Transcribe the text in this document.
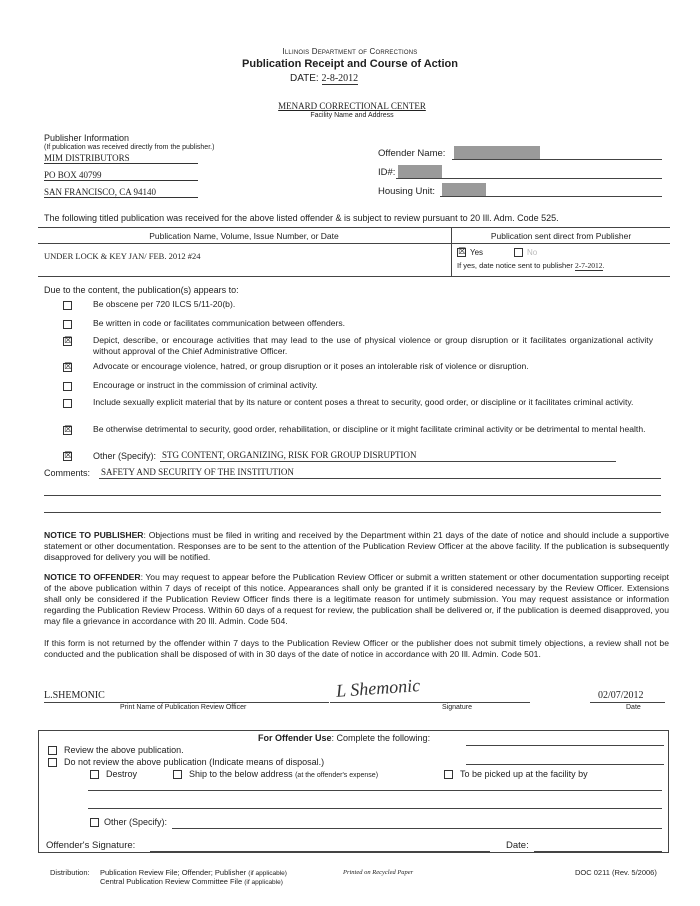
Illinois Department of Corrections
Publication Receipt and Course of Action
DATE: 2-8-2012
MENARD CORRECTIONAL CENTER
Facility Name and Address
Publisher Information
(If publication was received directly from the publisher.)
MIM DISTRIBUTORS
PO BOX 40799
SAN FRANCISCO, CA 94140
Offender Name:
ID#:
Housing Unit:
The following titled publication was received for the above listed offender & is subject to review pursuant to 20 Ill. Adm. Code 525.
Publication Name, Volume, Issue Number, or Date	Publication sent direct from Publisher
UNDER LOCK & KEY JAN/ FEB. 2012 #24	☒ Yes	No
If yes, date notice sent to publisher 2-7-2012.
Due to the content, the publication(s) appears to:
Be obscene per 720 ILCS 5/11-20(b).
Be written in code or facilitates communication between offenders.
☒ Depict, describe, or encourage activities that may lead to the use of physical violence or group disruption or it facilitates organizational activity without approval of the Chief Administrative Officer.
☒ Advocate or encourage violence, hatred, or group disruption or it poses an intolerable risk of violence or disruption.
Encourage or instruct in the commission of criminal activity.
Include sexually explicit material that by its nature or content poses a threat to security, good order, or discipline or it facilitates criminal activity.
☒ Be otherwise detrimental to security, good order, rehabilitation, or discipline or it might facilitate criminal activity or be detrimental to mental health.
☒ Other (Specify): STG CONTENT, ORGANIZING, RISK FOR GROUP DISRUPTION
Comments: SAFETY AND SECURITY OF THE INSTITUTION
NOTICE TO PUBLISHER: Objections must be filed in writing and received by the Department within 21 days of the date of notice and should include a supportive statement or other documentation. Responses are to be sent to the attention of the Publication Review Officer at the above facility. If the publication is subsequently disapproved for delivery you will be notified.
NOTICE TO OFFENDER: You may request to appear before the Publication Review Officer or submit a written statement or other documentation supporting receipt of the above publication within 7 days of receipt of this notice. Appearances shall only be granted if it is considered necessary by the Review Officer. Extensions shall only be considered if the Publication Review Officer finds there is a legitimate reason for untimely submission. You may request assistance or information regarding the Publication Review Process. Within 60 days of a request for review, the publication shall be delivered or, if the publication is deemed disapproved, you may file a grievance in accordance with 20 Ill. Admin. Code 504.
If this form is not returned by the offender within 7 days to the Publication Review Officer or the publisher does not submit timely objections, a review shall not be conducted and the publication shall be disposed of with in 30 days of the date of notice in accordance with 20 Ill. Admin. Code 501.
L.SHEMONIC
Print Name of Publication Review Officer
L Shemonic
Signature
02/07/2012
Date
For Offender Use: Complete the following:
Review the above publication.
Do not review the above publication (Indicate means of disposal.)
Destroy	Ship to the below address (at the offender's expense)	To be picked up at the facility by
Other (Specify):
Offender's Signature:	Date:
Distribution: Publication Review File; Offender; Publisher (if applicable)
Central Publication Review Committee File (if applicable)
Printed on Recycled Paper	DOC 0211 (Rev. 5/2006)
